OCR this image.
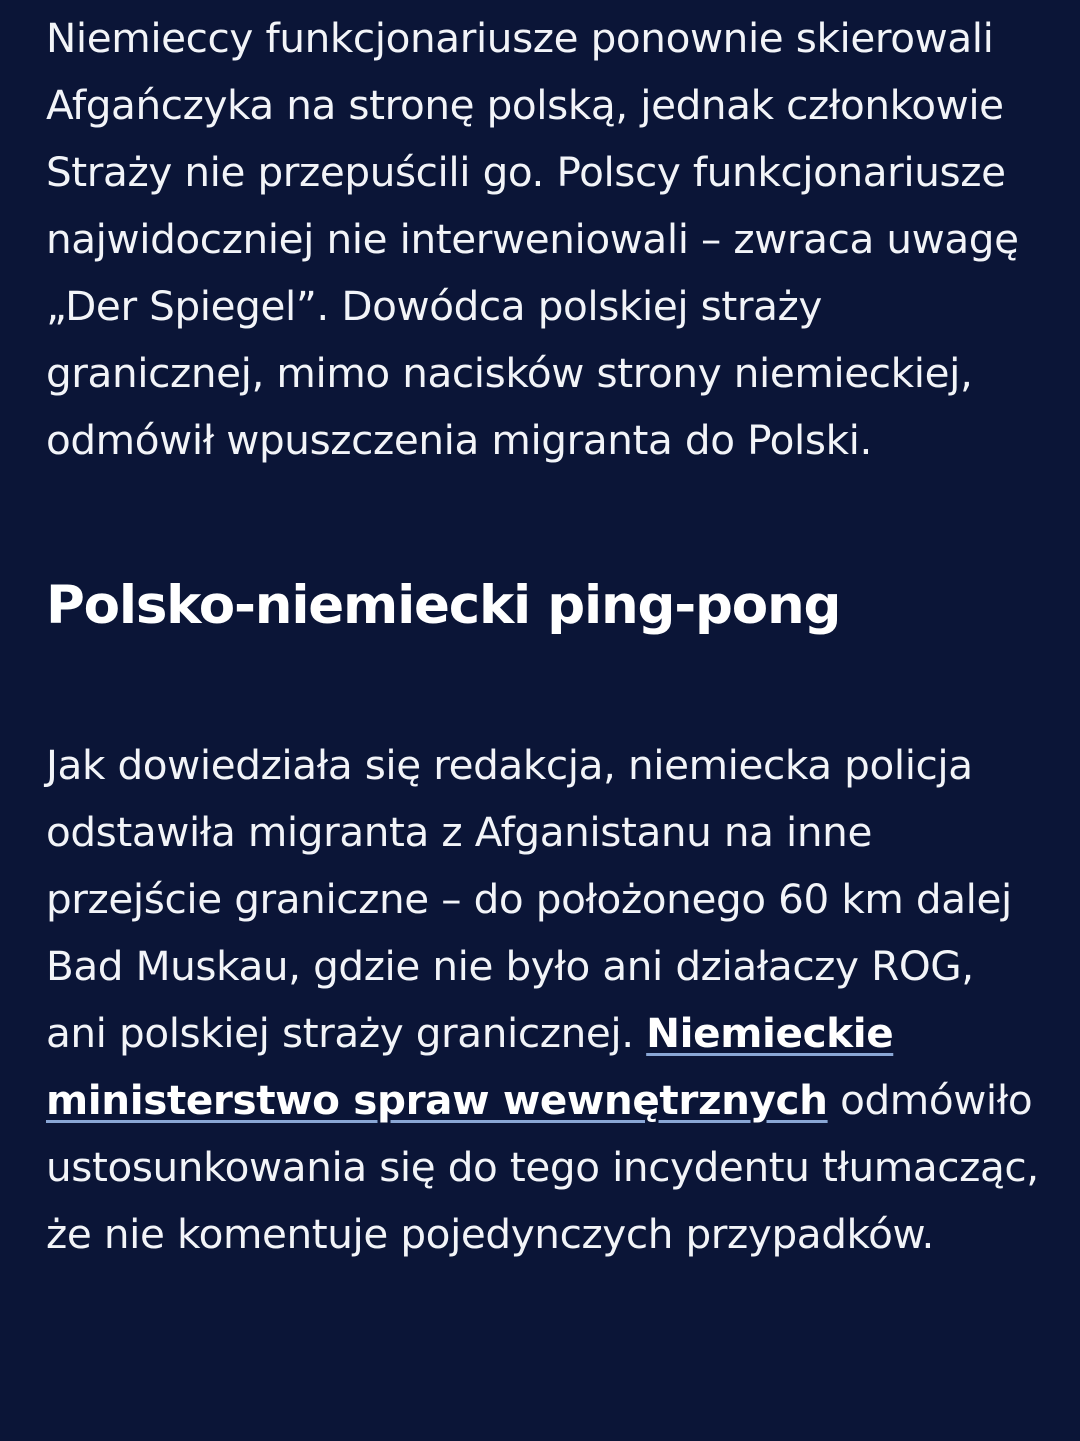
Niemieccy funkcjonariusze ponownie skierowali Afgańczyka na stronę polską, jednak członkowie Straży nie przepuścili go. Polscy funkcjonariusze najwidoczniej nie interweniowali – zwraca uwagę „Der Spiegel”. Dowódca polskiej straży granicznej, mimo nacisków strony niemieckiej, odmówił wpuszczenia migranta do Polski.

Polsko-niemiecki ping-pong

Jak dowiedziała się redakcja, niemiecka policja odstawiła migranta z Afganistanu na inne przejście graniczne – do położonego 60 km dalej Bad Muskau, gdzie nie było ani działaczy ROG, ani polskiej straży granicznej. Niemieckie ministerstwo spraw wewnętrznych odmówiło ustosunkowania się do tego incydentu tłumacząc, że nie komentuje pojedynczych przypadków.
